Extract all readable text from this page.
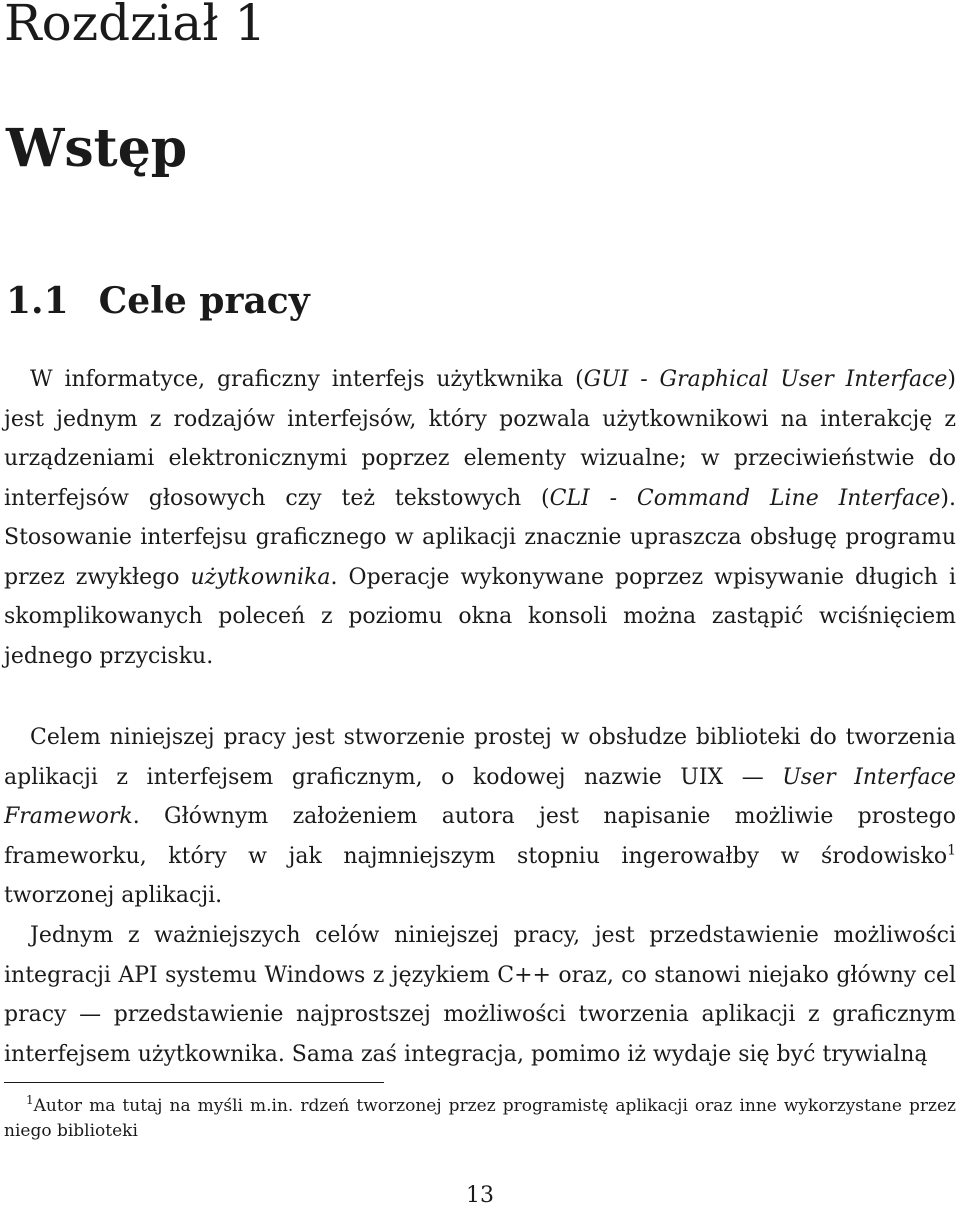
Rozdział 1
Wstęp
1.1 Cele pracy

W informatyce, graficzny interfejs użytkwnika (GUI - Graphical User Interface) jest jednym z rodzajów interfejsów, który pozwala użytkownikowi na interakcję z urządzeniami elektronicznymi poprzez elementy wizualne; w przeciwieństwie do interfejsów głosowych czy też tekstowych (CLI - Command Line Interface). Stosowanie interfejsu graficznego w aplikacji znacznie upraszcza obsługę programu przez zwykłego użytkownika. Operacje wykonywane poprzez wpisywanie długich i skomplikowanych poleceń z poziomu okna konsoli można zastąpić wciśnięciem jednego przycisku.

Celem niniejszej pracy jest stworzenie prostej w obsłudze biblioteki do tworzenia aplikacji z interfejsem graficznym, o kodowej nazwie UIX — User Interface Framework. Głównym założeniem autora jest napisanie możliwie prostego frameworku, który w jak najmniejszym stopniu ingerowałby w środowisko$^1$ tworzonej aplikacji.

Jednym z ważniejszych celów niniejszej pracy, jest przedstawienie możliwości integracji API systemu Windows z językiem C++ oraz, co stanowi niejako główny cel pracy — przedstawienie najprostszej możliwości tworzenia aplikacji z graficznym interfejsem użytkownika. Sama zaś integracja, pomimo iż wydaje się być trywialną

$^1$Autor ma tutaj na myśli m.in. rdzeń tworzonej przez programistę aplikacji oraz inne wykorzystane przez niego biblioteki
13
